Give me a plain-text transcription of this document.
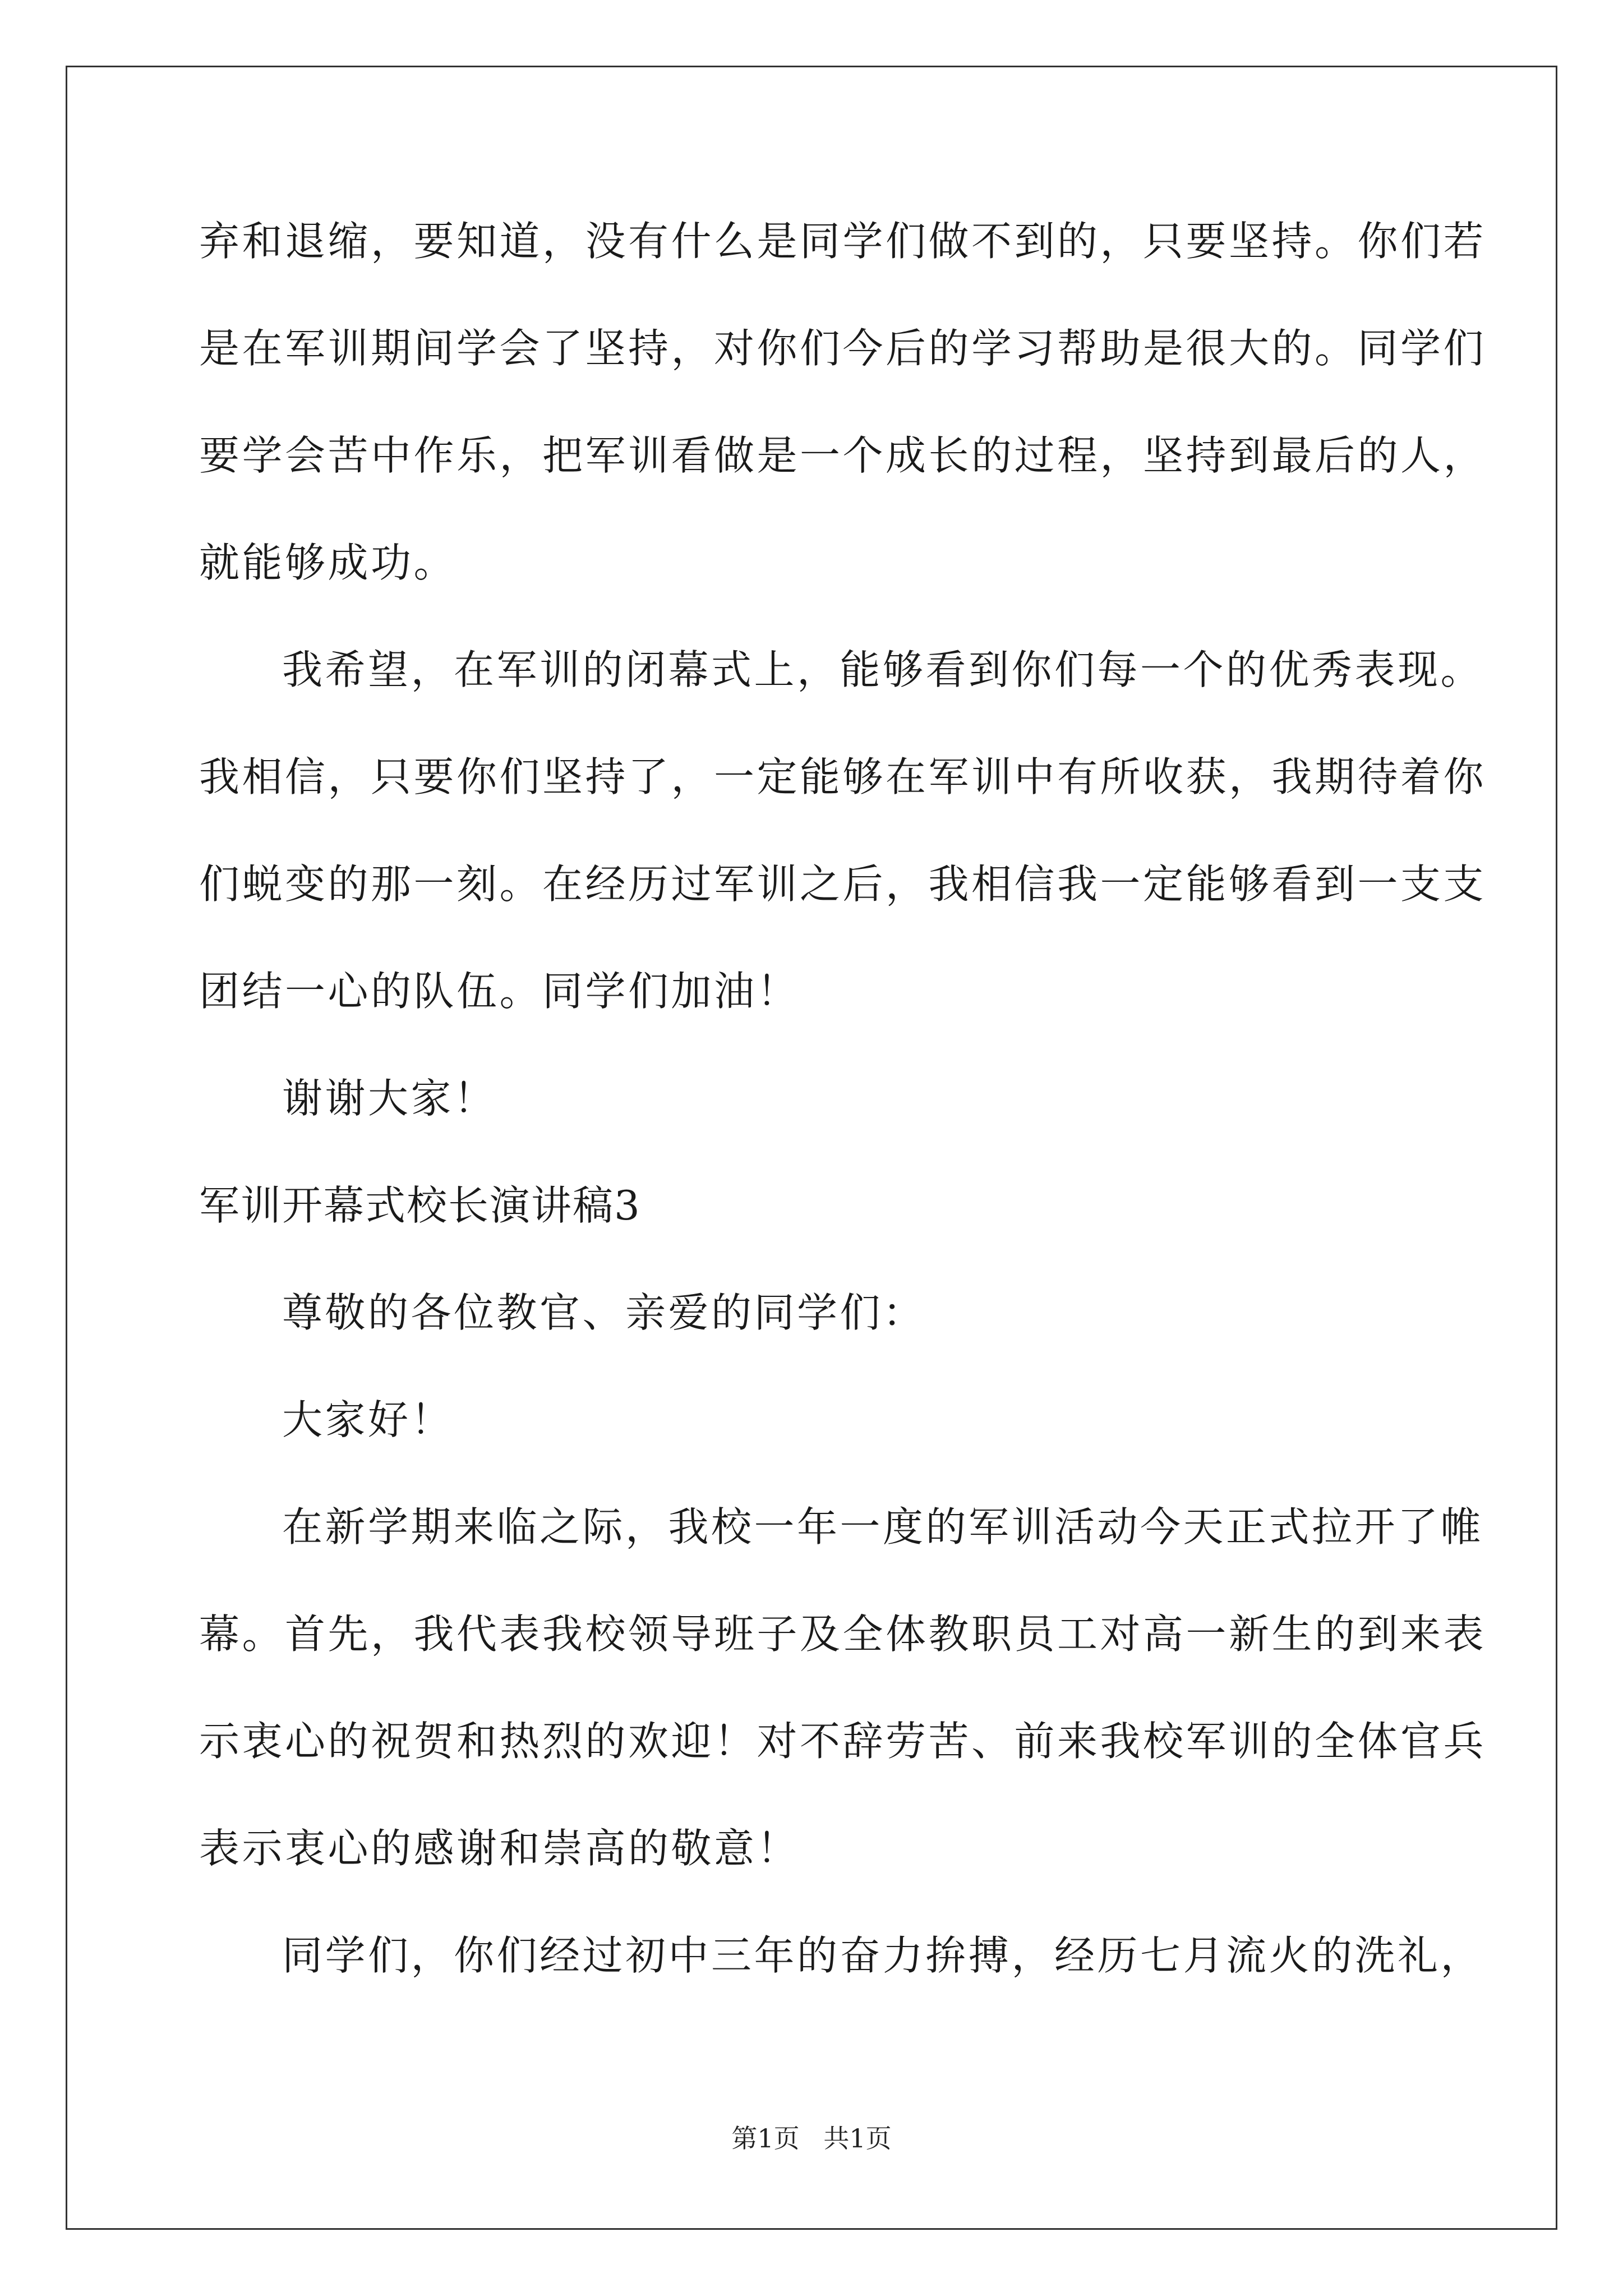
弃和退缩，要知道，没有什么是同学们做不到的，只要坚持。你们若
是在军训期间学会了坚持，对你们今后的学习帮助是很大的。同学们
要学会苦中作乐，把军训看做是一个成长的过程，坚持到最后的人，
就能够成功。
我希望，在军训的闭幕式上，能够看到你们每一个的优秀表现。
我相信，只要你们坚持了，一定能够在军训中有所收获，我期待着你
们蜕变的那一刻。在经历过军训之后，我相信我一定能够看到一支支
团结一心的队伍。同学们加油！
谢谢大家！
军训开幕式校长演讲稿3
尊敬的各位教官、亲爱的同学们：
大家好！
在新学期来临之际，我校一年一度的军训活动今天正式拉开了帷
幕。首先，我代表我校领导班子及全体教职员工对高一新生的到来表
示衷心的祝贺和热烈的欢迎！对不辞劳苦、前来我校军训的全体官兵
表示衷心的感谢和崇高的敬意！
同学们，你们经过初中三年的奋力拚搏，经历七月流火的洗礼，
第1页 共1页
